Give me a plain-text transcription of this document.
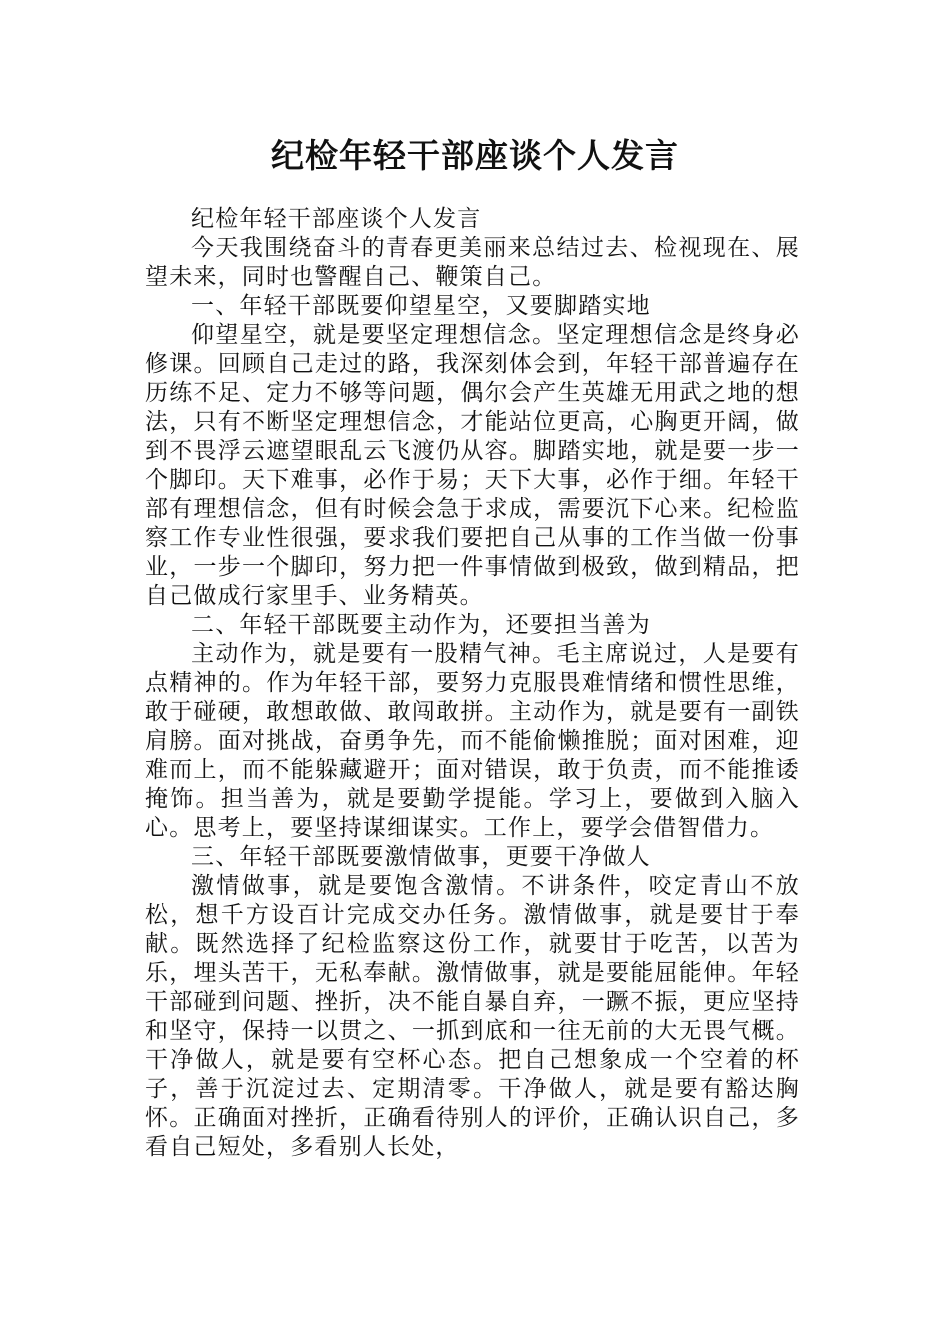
纪检年轻干部座谈个人发言

纪检年轻干部座谈个人发言

今天我围绕奋斗的青春更美丽来总结过去、检视现在、展望未来，同时也警醒自己、鞭策自己。

一、年轻干部既要仰望星空，又要脚踏实地

仰望星空，就是要坚定理想信念。坚定理想信念是终身必修课。回顾自己走过的路，我深刻体会到，年轻干部普遍存在历练不足、定力不够等问题，偶尔会产生英雄无用武之地的想法，只有不断坚定理想信念，才能站位更高，心胸更开阔，做到不畏浮云遮望眼乱云飞渡仍从容。脚踏实地，就是要一步一个脚印。天下难事，必作于易；天下大事，必作于细。年轻干部有理想信念，但有时候会急于求成，需要沉下心来。纪检监察工作专业性很强，要求我们要把自己从事的工作当做一份事业，一步一个脚印，努力把一件事情做到极致，做到精品，把自己做成行家里手、业务精英。

二、年轻干部既要主动作为，还要担当善为

主动作为，就是要有一股精气神。毛主席说过，人是要有点精神的。作为年轻干部，要努力克服畏难情绪和惯性思维，敢于碰硬，敢想敢做、敢闯敢拼。主动作为，就是要有一副铁肩膀。面对挑战，奋勇争先，而不能偷懒推脱；面对困难，迎难而上，而不能躲藏避开；面对错误，敢于负责，而不能推诿掩饰。担当善为，就是要勤学提能。学习上，要做到入脑入心。思考上，要坚持谋细谋实。工作上，要学会借智借力。

三、年轻干部既要激情做事，更要干净做人

激情做事，就是要饱含激情。不讲条件，咬定青山不放松，想千方设百计完成交办任务。激情做事，就是要甘于奉献。既然选择了纪检监察这份工作，就要甘于吃苦，以苦为乐，埋头苦干，无私奉献。激情做事，就是要能屈能伸。年轻干部碰到问题、挫折，决不能自暴自弃，一蹶不振，更应坚持和坚守，保持一以贯之、一抓到底和一往无前的大无畏气概。干净做人，就是要有空杯心态。把自己想象成一个空着的杯子，善于沉淀过去、定期清零。干净做人，就是要有豁达胸怀。正确面对挫折，正确看待别人的评价，正确认识自己，多看自己短处，多看别人长处，
